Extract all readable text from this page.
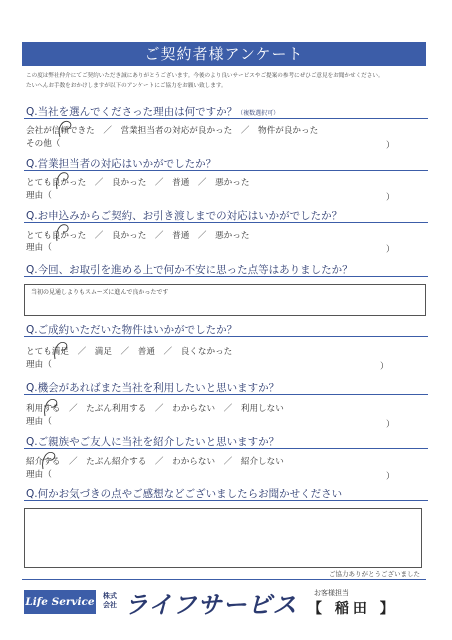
ご契約者様アンケート
この度は弊社仲介にてご契約いただき誠にありがとうございます。今後のより良いサービスやご提案の参考にぜひご意見をお聞かせください。
たいへんお手数をおかけしますが以下のアンケートにご協力をお願い致します。
Q.当社を選んでくださった理由は何ですか？（複数選択可）
会社が信頼できた　／　営業担当者の対応が良かった　／　物件が良かった
その他（	）
Q.営業担当者の対応はいかがでしたか？
とても良かった　／　良かった　／　普通　／　悪かった
理由（	）
Q.お申込みからご契約、お引き渡しまでの対応はいかがでしたか？
とても良かった　／　良かった　／　普通　／　悪かった
理由（	）
Q.今回、お取引を進める上で何か不安に思った点等はありましたか？
当初の見通しよりもスムーズに進んで良かったです
Q.ご成約いただいた物件はいかがでしたか？
とても満足　／　満足　／　普通　／　良くなかった
理由（	）
Q.機会があればまた当社を利用したいと思いますか？
利用する　／　たぶん利用する　／　わからない　／　利用しない
理由（	）
Q.ご親族やご友人に当社を紹介したいと思いますか？
紹介する　／　たぶん紹介する　／　わからない　／　紹介しない
理由（	）
Q.何かお気づきの点やご感想などございましたらお聞かせください
ご協力ありがとうございました
Life Service	株式
会社 ライフサービス お客様担当
【 稲田 】
